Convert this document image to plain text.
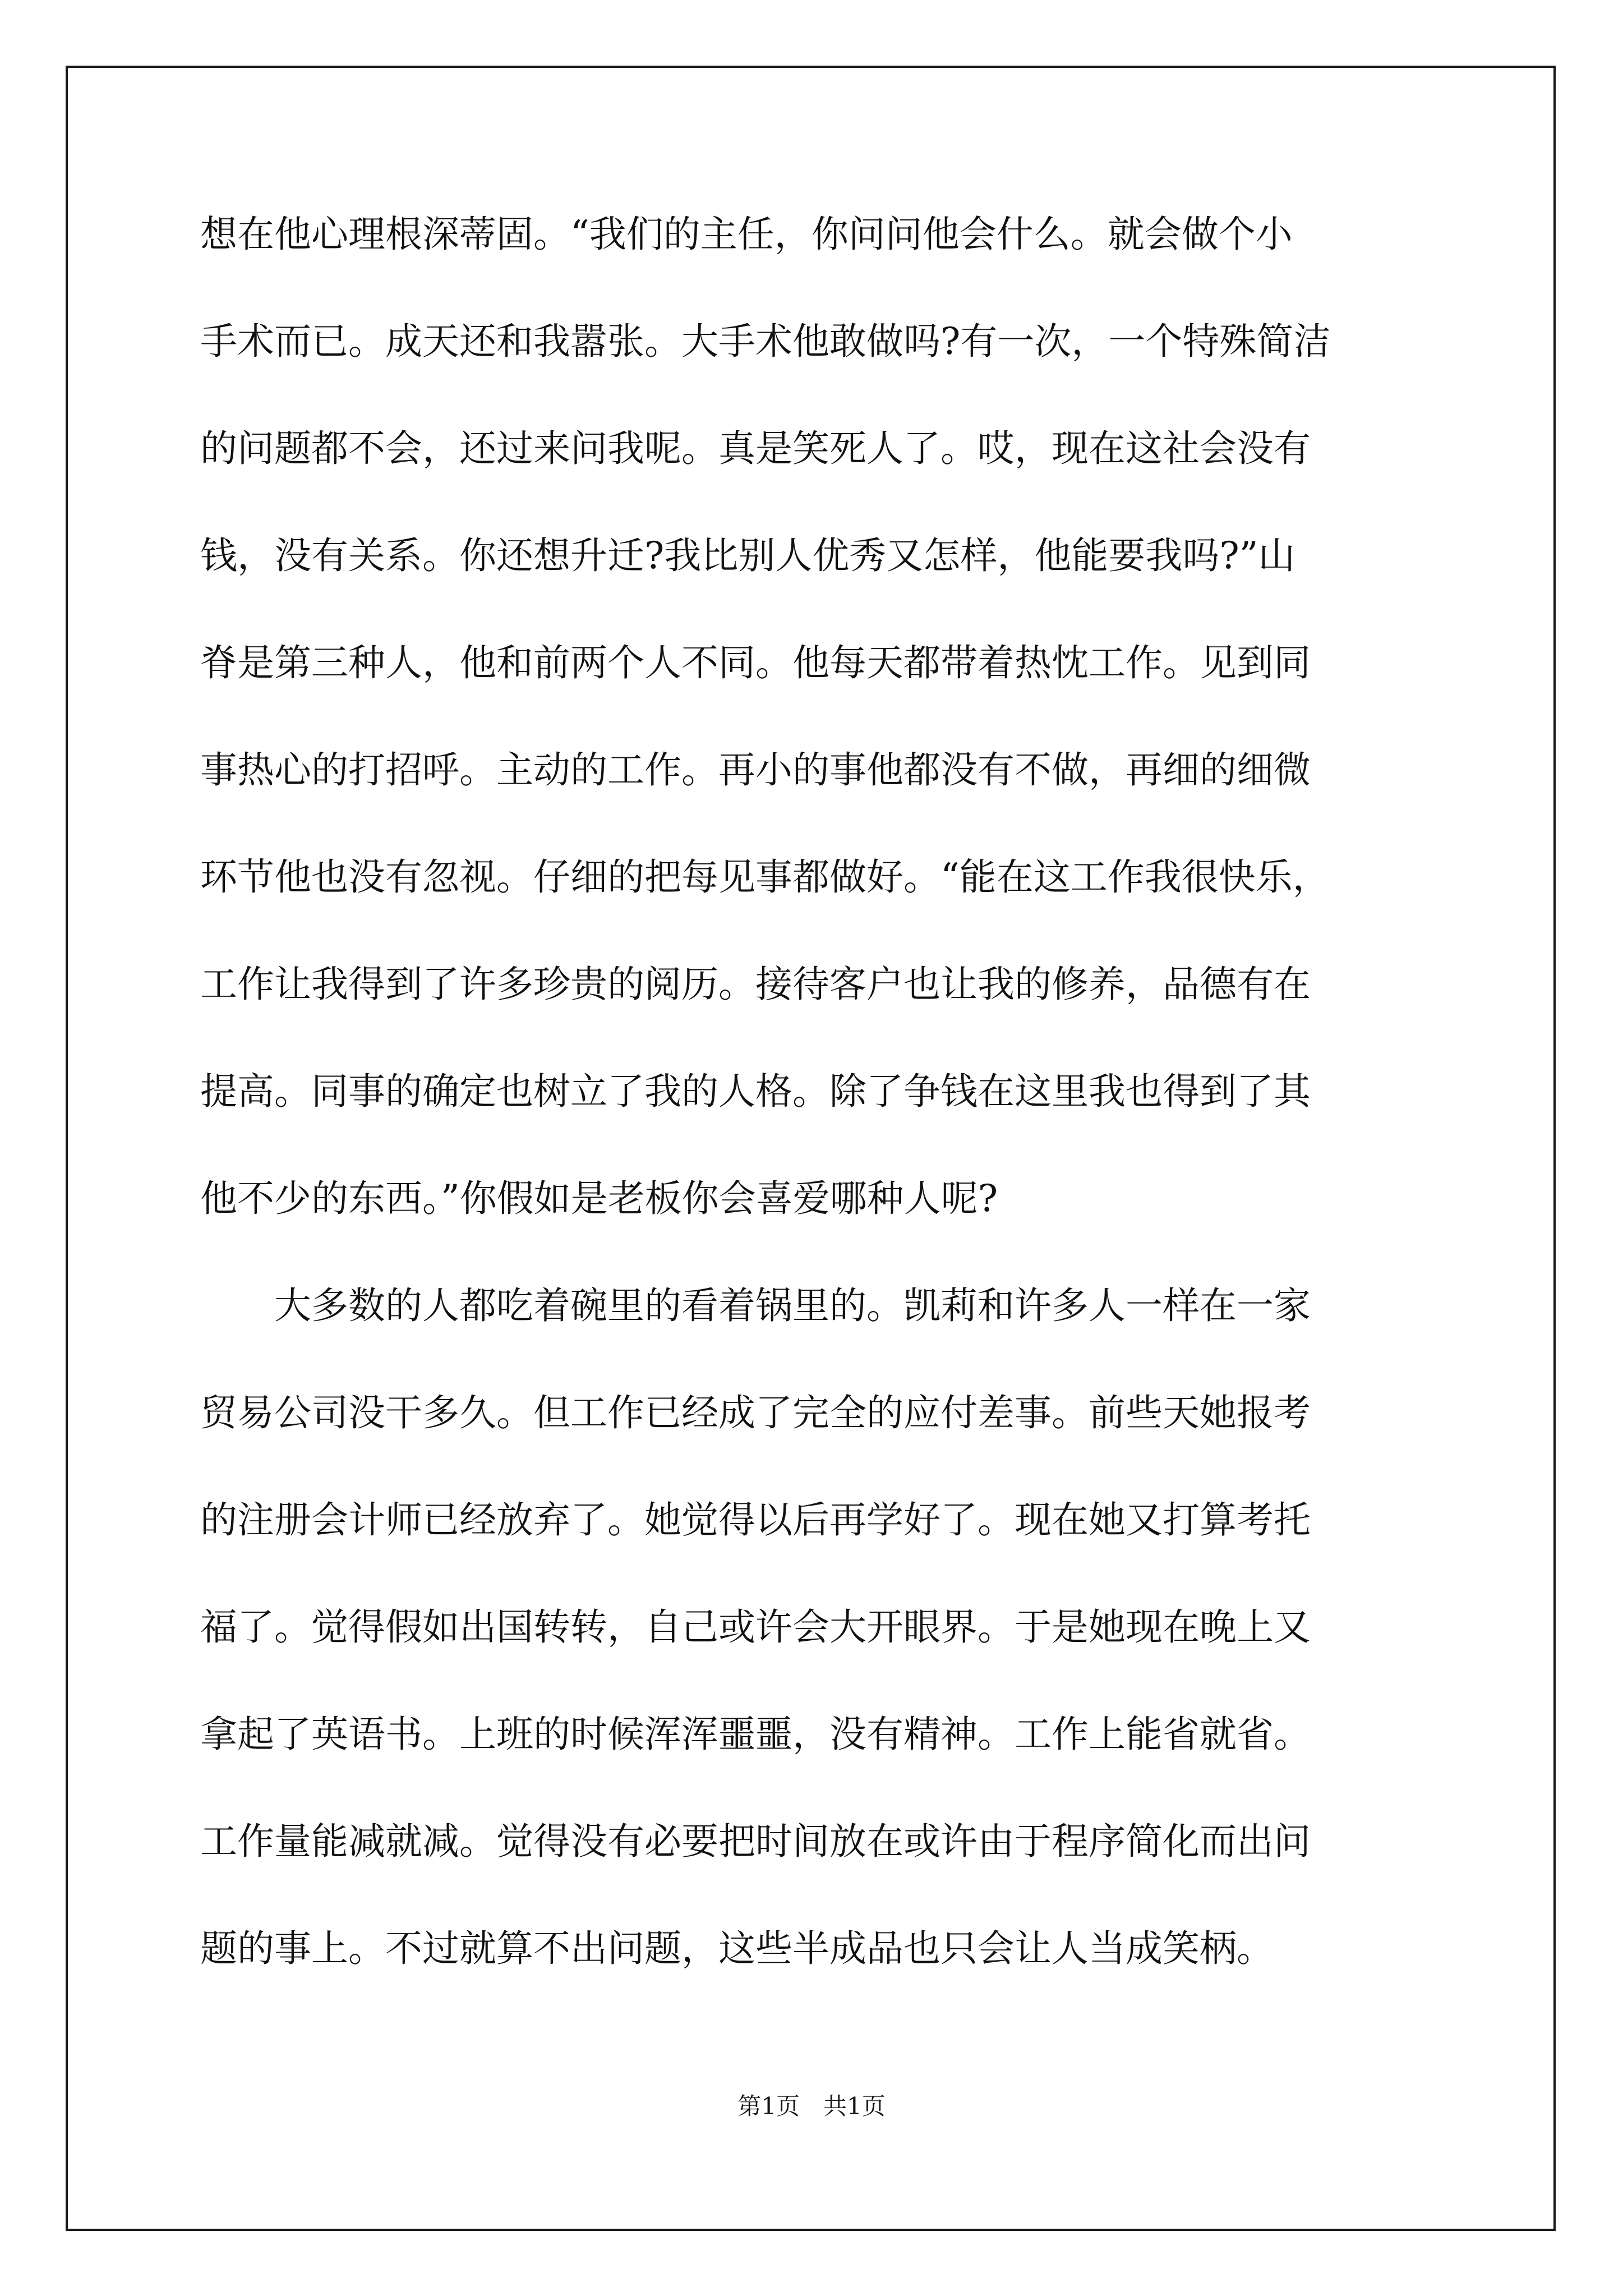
想在他心理根深蒂固。“我们的主任，你问问他会什么。就会做个小
手术而已。成天还和我嚣张。大手术他敢做吗?有一次，一个特殊简洁
的问题都不会，还过来问我呢。真是笑死人了。哎，现在这社会没有
钱，没有关系。你还想升迁?我比别人优秀又怎样，他能要我吗?”山
脊是第三种人，他和前两个人不同。他每天都带着热忱工作。见到同
事热心的打招呼。主动的工作。再小的事他都没有不做，再细的细微
环节他也没有忽视。仔细的把每见事都做好。“能在这工作我很快乐，
工作让我得到了许多珍贵的阅历。接待客户也让我的修养，品德有在
提高。同事的确定也树立了我的人格。除了争钱在这里我也得到了其
他不少的东西。”你假如是老板你会喜爱哪种人呢?
　　大多数的人都吃着碗里的看着锅里的。凯莉和许多人一样在一家
贸易公司没干多久。但工作已经成了完全的应付差事。前些天她报考
的注册会计师已经放弃了。她觉得以后再学好了。现在她又打算考托
福了。觉得假如出国转转，自己或许会大开眼界。于是她现在晚上又
拿起了英语书。上班的时候浑浑噩噩，没有精神。工作上能省就省。
工作量能减就减。觉得没有必要把时间放在或许由于程序简化而出问
题的事上。不过就算不出问题，这些半成品也只会让人当成笑柄。
第1页　共1页
